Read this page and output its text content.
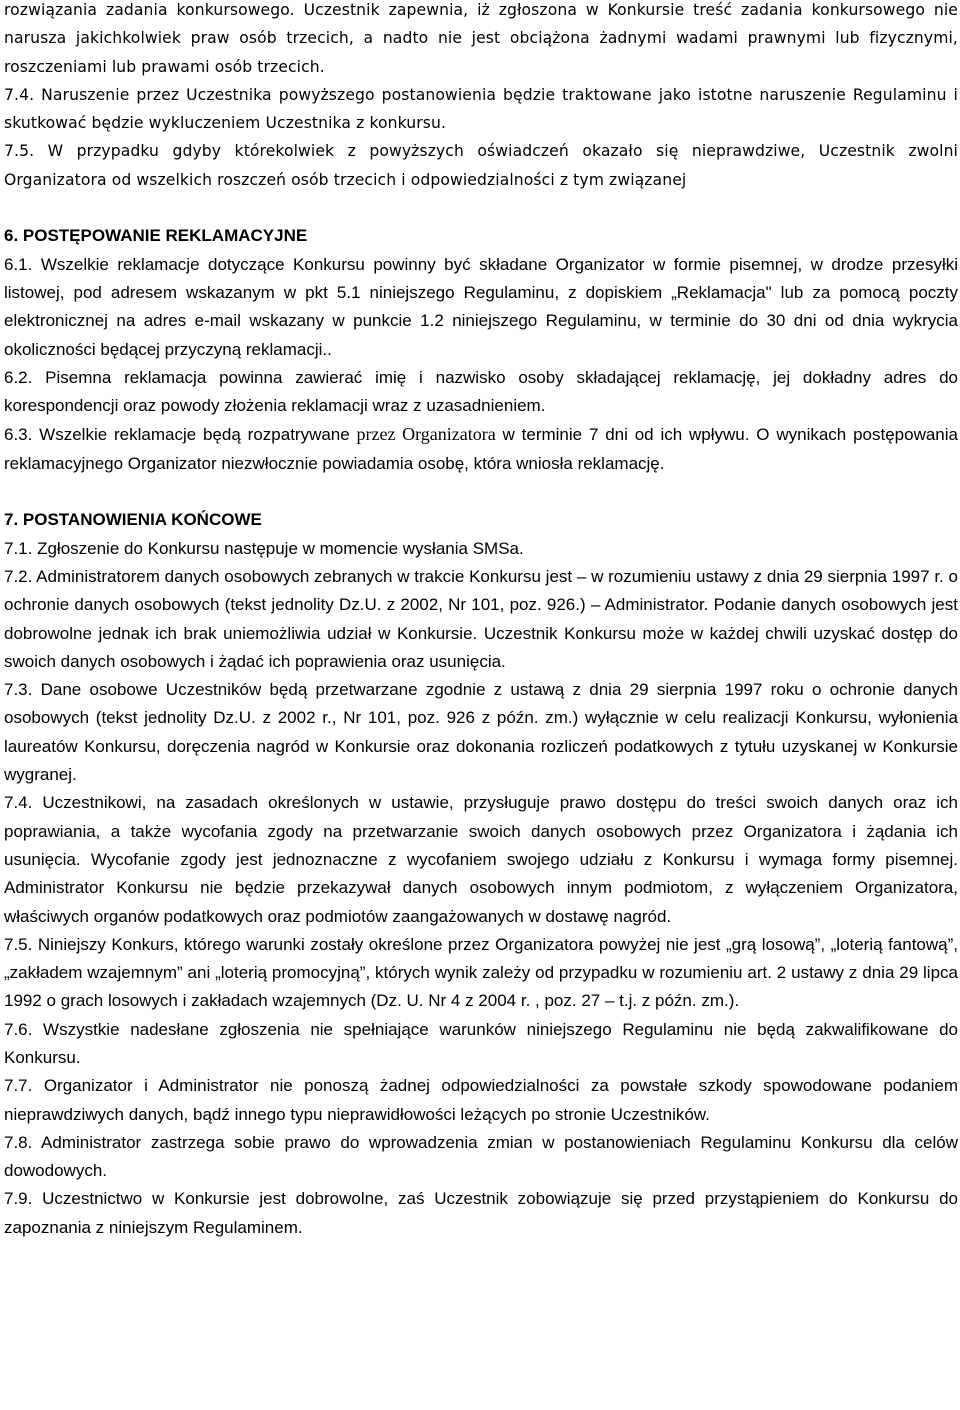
rozwiązania zadania konkursowego. Uczestnik zapewnia, iż zgłoszona w Konkursie treść zadania konkursowego nie narusza jakichkolwiek praw osób trzecich, a nadto nie jest obciążona żadnymi wadami prawnymi lub fizycznymi, roszczeniami lub prawami osób trzecich.

7.4. Naruszenie przez Uczestnika powyższego postanowienia będzie traktowane jako istotne naruszenie Regulaminu i skutkować będzie wykluczeniem Uczestnika z konkursu.

7.5. W przypadku gdyby którekolwiek z powyższych oświadczeń okazało się nieprawdziwe, Uczestnik zwolni Organizatora od wszelkich roszczeń osób trzecich i odpowiedzialności z tym związanej

6. POSTĘPOWANIE REKLAMACYJNE

6.1. Wszelkie reklamacje dotyczące Konkursu powinny być składane Organizator w formie pisemnej, w drodze przesyłki listowej, pod adresem wskazanym w pkt 5.1 niniejszego Regulaminu, z dopiskiem „Reklamacja" lub za pomocą poczty elektronicznej na adres e-mail wskazany w punkcie 1.2 niniejszego Regulaminu, w terminie do 30 dni od dnia wykrycia okoliczności będącej przyczyną reklamacji..

6.2. Pisemna reklamacja powinna zawierać imię i nazwisko osoby składającej reklamację, jej dokładny adres do korespondencji oraz powody złożenia reklamacji wraz z uzasadnieniem.

6.3. Wszelkie reklamacje będą rozpatrywane przez Organizatora w terminie 7 dni od ich wpływu. O wynikach postępowania reklamacyjnego Organizator niezwłocznie powiadamia osobę, która wniosła reklamację.

7. POSTANOWIENIA KOŃCOWE

7.1. Zgłoszenie do Konkursu następuje w momencie wysłania SMSa.

7.2. Administratorem danych osobowych zebranych w trakcie Konkursu jest – w rozumieniu ustawy z dnia 29 sierpnia 1997 r. o ochronie danych osobowych (tekst jednolity Dz.U. z 2002, Nr 101, poz. 926.) – Administrator. Podanie danych osobowych jest dobrowolne jednak ich brak uniemożliwia udział w Konkursie. Uczestnik Konkursu może w każdej chwili uzyskać dostęp do swoich danych osobowych i żądać ich poprawienia oraz usunięcia.

7.3. Dane osobowe Uczestników będą przetwarzane zgodnie z ustawą z dnia 29 sierpnia 1997 roku o ochronie danych osobowych (tekst jednolity Dz.U. z 2002 r., Nr 101, poz. 926 z późn. zm.) wyłącznie w celu realizacji Konkursu, wyłonienia laureatów Konkursu, doręczenia nagród w Konkursie oraz dokonania rozliczeń podatkowych z tytułu uzyskanej w Konkursie wygranej.

7.4. Uczestnikowi, na zasadach określonych w ustawie, przysługuje prawo dostępu do treści swoich danych oraz ich poprawiania, a także wycofania zgody na przetwarzanie swoich danych osobowych przez Organizatora i żądania ich usunięcia. Wycofanie zgody jest jednoznaczne z wycofaniem swojego udziału z Konkursu i wymaga formy pisemnej. Administrator Konkursu nie będzie przekazywał danych osobowych innym podmiotom, z wyłączeniem Organizatora, właściwych organów podatkowych oraz podmiotów zaangażowanych w dostawę nagród.

7.5. Niniejszy Konkurs, którego warunki zostały określone przez Organizatora powyżej nie jest „grą losową”, „loterią fantową”, „zakładem wzajemnym” ani „loterią promocyjną”, których wynik zależy od przypadku w rozumieniu art. 2 ustawy z dnia 29 lipca 1992 o grach losowych i zakładach wzajemnych (Dz. U. Nr 4 z 2004 r. , poz. 27 – t.j. z późn. zm.).

7.6. Wszystkie nadesłane zgłoszenia nie spełniające warunków niniejszego Regulaminu nie będą zakwalifikowane do Konkursu.

7.7. Organizator i Administrator nie ponoszą żadnej odpowiedzialności za powstałe szkody spowodowane podaniem nieprawdziwych danych, bądź innego typu nieprawidłowości leżących po stronie Uczestników.

7.8. Administrator zastrzega sobie prawo do wprowadzenia zmian w postanowieniach Regulaminu Konkursu dla celów dowodowych.

7.9. Uczestnictwo w Konkursie jest dobrowolne, zaś Uczestnik zobowiązuje się przed przystąpieniem do Konkursu do zapoznania z niniejszym Regulaminem.
